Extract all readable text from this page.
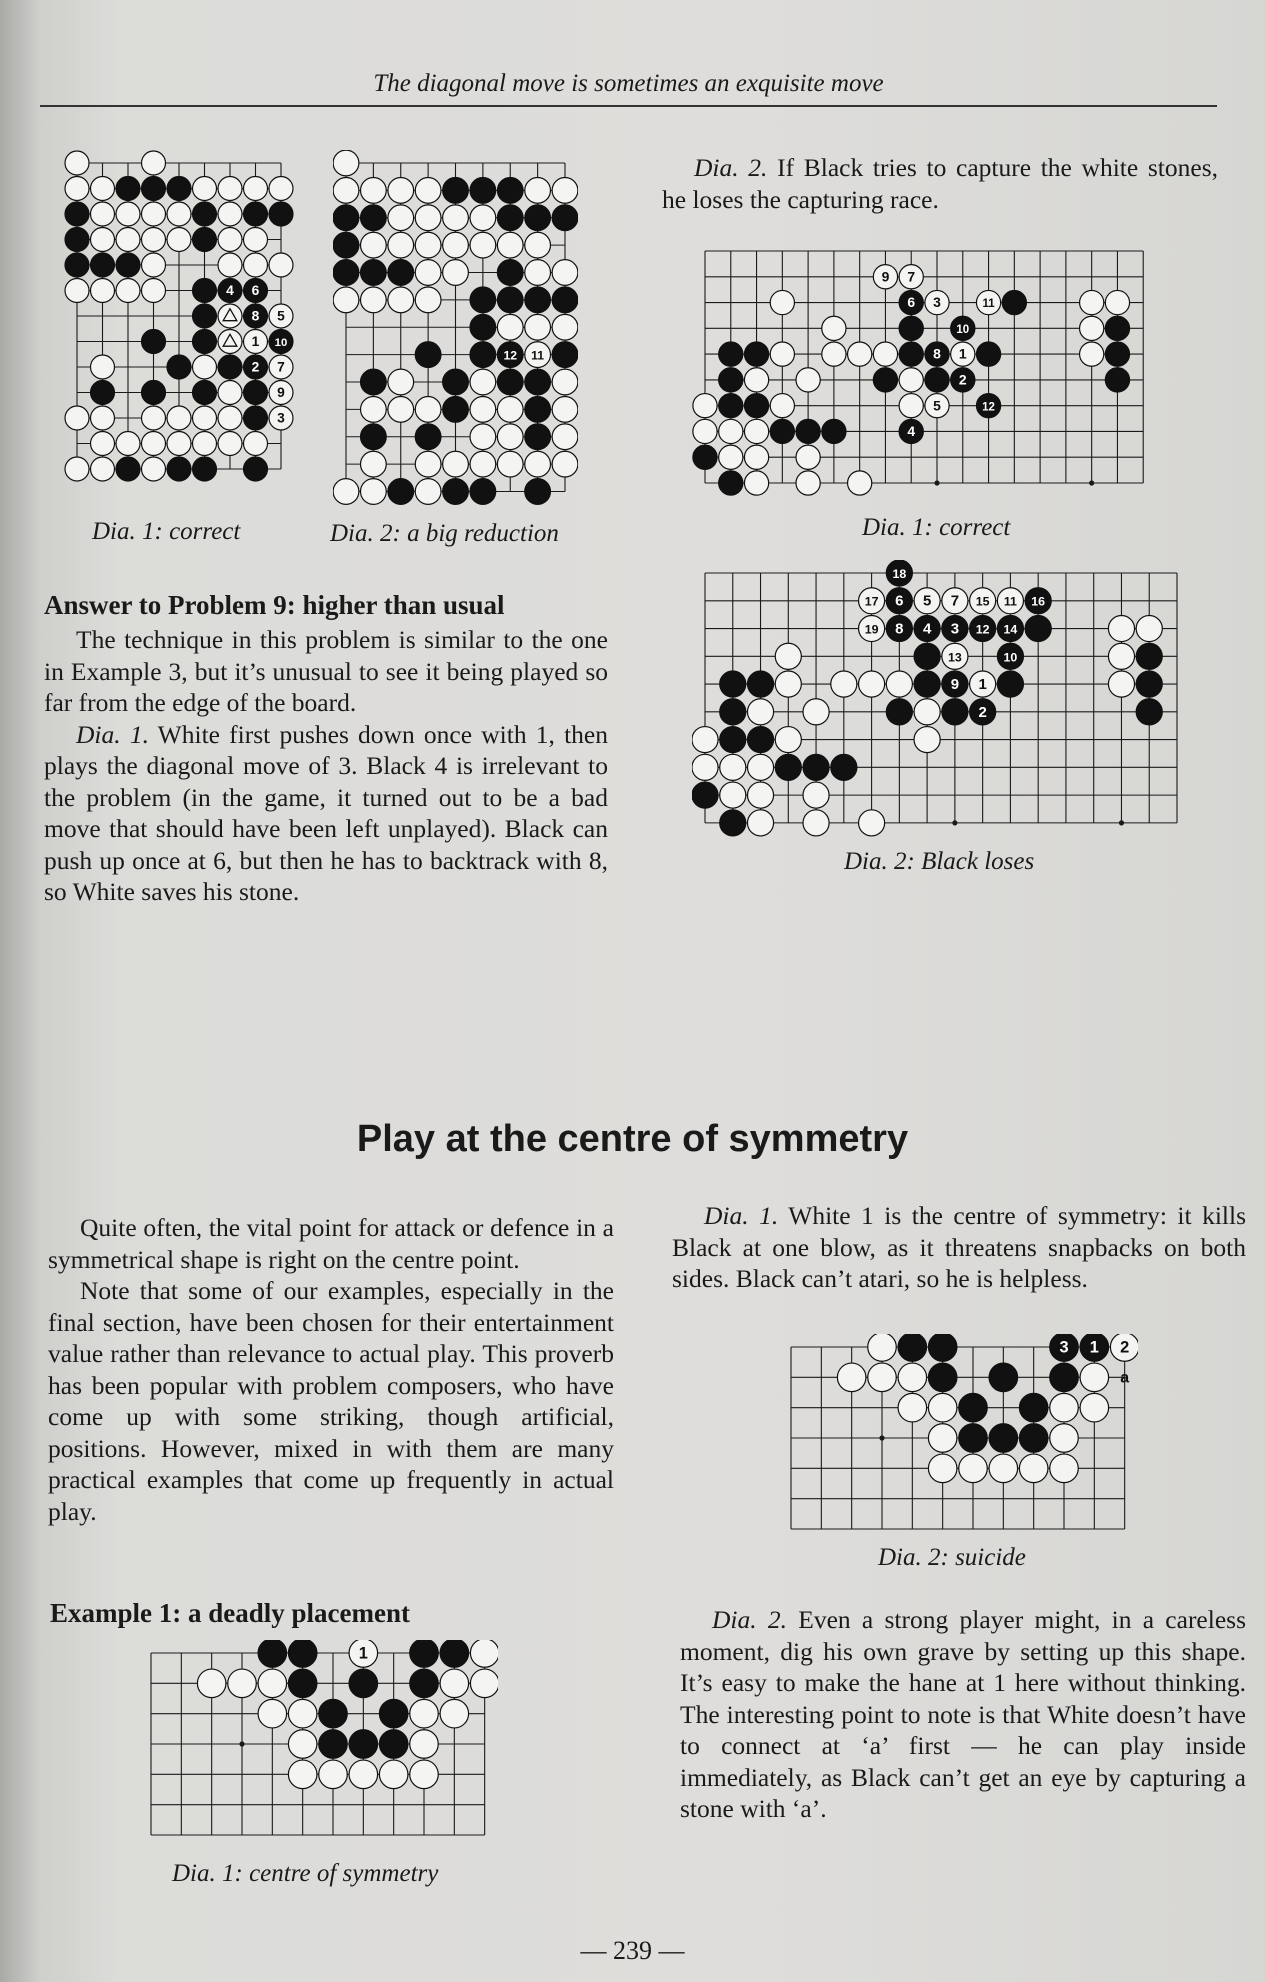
The diagonal move is sometimes an exquisite move
4 6
8 5
1 10
2 7
9
3
Dia. 1: correct
12 11
Dia. 2: a big reduction

Dia. 2. If Black tries to capture the white stones, he loses the capturing race.

9 7
6 3	11
10
8 1
2
5	12
4
Dia. 1: correct
18
17 6 5 7 15 11 16
19 8 4 3 12 14
13	10
9 1
2
Dia. 2: Black loses
Answer to Problem 9: higher than usual

The technique in this problem is similar to the one in Example 3, but it’s unusual to see it being played so far from the edge of the board.

Dia. 1. White first pushes down once with 1, then plays the diagonal move of 3. Black 4 is irrelevant to the problem (in the game, it turned out to be a bad move that should have been left unplayed). Black can push up once at 6, but then he has to backtrack with 8, so White saves his stone.

Play at the centre of symmetry

Quite often, the vital point for attack or defence in a symmetrical shape is right on the centre point.

Note that some of our examples, especially in the final section, have been chosen for their entertainment value rather than relevance to actual play. This proverb has been popular with problem composers, who have come up with some striking, though artificial, positions. However, mixed in with them are many practical examples that come up frequently in actual play.

Example 1: a deadly placement
1
Dia. 1: centre of symmetry

Dia. 1. White 1 is the centre of symmetry: it kills Black at one blow, as it threatens snapbacks on both sides. Black can’t atari, so he is helpless.

3 1 2
a
Dia. 2: suicide

Dia. 2. Even a strong player might, in a careless moment, dig his own grave by setting up this shape. It’s easy to make the hane at 1 here without thinking. The interesting point to note is that White doesn’t have to connect at ‘a’ first — he can play inside immediately, as Black can’t get an eye by capturing a stone with ‘a’.

— 239 —
